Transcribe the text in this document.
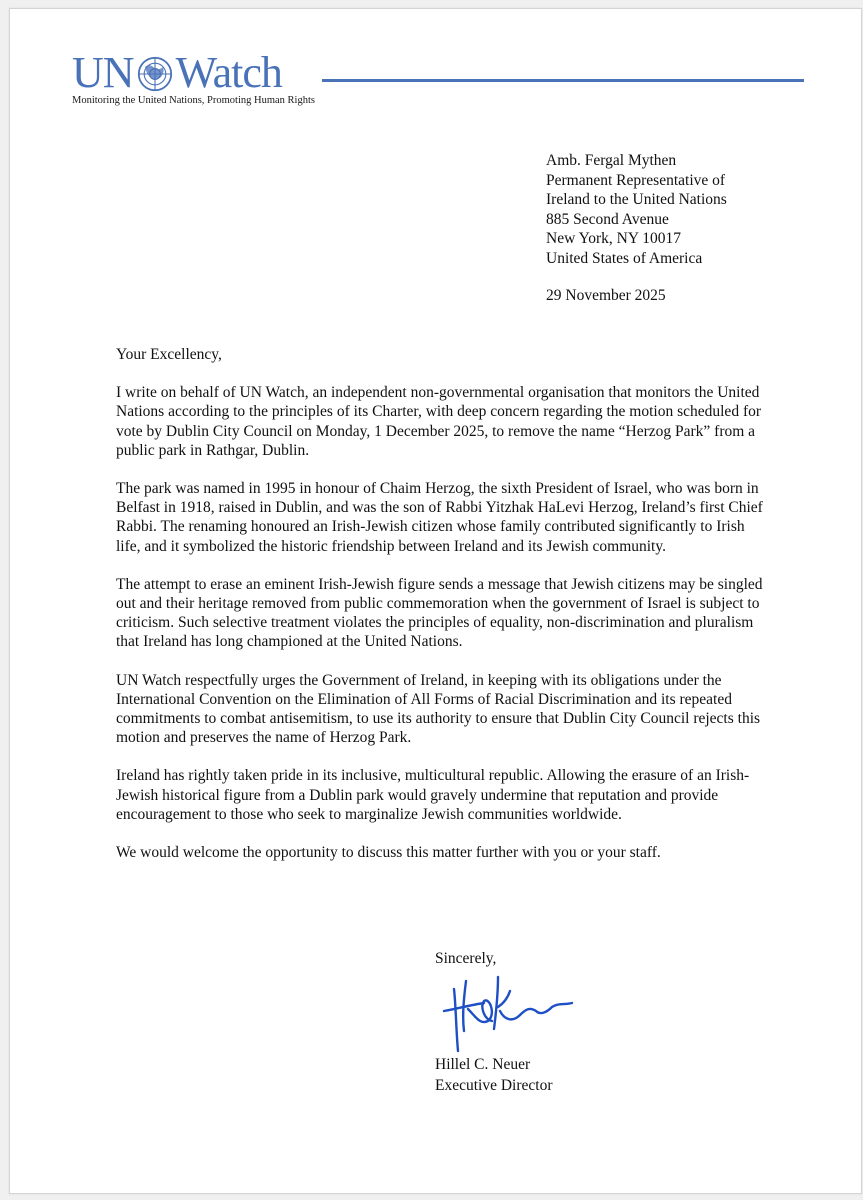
UN Watch
Monitoring the United Nations, Promoting Human Rights
Amb. Fergal Mythen
Permanent Representative of
Ireland to the United Nations
885 Second Avenue
New York, NY 10017
United States of America
29 November 2025

Your Excellency,

I write on behalf of UN Watch, an independent non-governmental organisation that monitors the United Nations according to the principles of its Charter, with deep concern regarding the motion scheduled for vote by Dublin City Council on Monday, 1 December 2025, to remove the name “Herzog Park” from a public park in Rathgar, Dublin.

The park was named in 1995 in honour of Chaim Herzog, the sixth President of Israel, who was born in Belfast in 1918, raised in Dublin, and was the son of Rabbi Yitzhak HaLevi Herzog, Ireland’s first Chief Rabbi. The renaming honoured an Irish-Jewish citizen whose family contributed significantly to Irish life, and it symbolized the historic friendship between Ireland and its Jewish community.

The attempt to erase an eminent Irish-Jewish figure sends a message that Jewish citizens may be singled out and their heritage removed from public commemoration when the government of Israel is subject to criticism. Such selective treatment violates the principles of equality, non-discrimination and pluralism that Ireland has long championed at the United Nations.

UN Watch respectfully urges the Government of Ireland, in keeping with its obligations under the International Convention on the Elimination of All Forms of Racial Discrimination and its repeated commitments to combat antisemitism, to use its authority to ensure that Dublin City Council rejects this motion and preserves the name of Herzog Park.

Ireland has rightly taken pride in its inclusive, multicultural republic. Allowing the erasure of an Irish-Jewish historical figure from a Dublin park would gravely undermine that reputation and provide encouragement to those who seek to marginalize Jewish communities worldwide.

We would welcome the opportunity to discuss this matter further with you or your staff.

Sincerely,
Hillel C. Neuer
Executive Director
